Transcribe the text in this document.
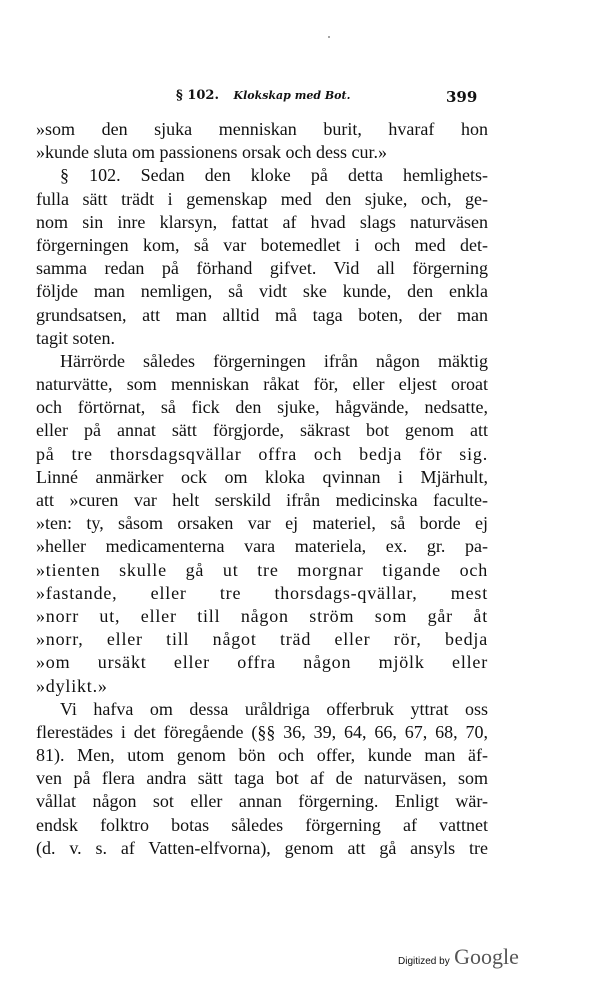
§ 102. Klokskap med Bot.	399
»som den sjuka menniskan burit, hvaraf hon
»kunde sluta om passionens orsak och dess cur.»
§ 102. Sedan den kloke på detta hemlighets-
fulla sätt trädt i gemenskap med den sjuke, och, ge-
nom sin inre klarsyn, fattat af hvad slags naturväsen
förgerningen kom, så var botemedlet i och med det-
samma redan på förhand gifvet. Vid all förgerning
följde man nemligen, så vidt ske kunde, den enkla
grundsatsen, att man alltid må taga boten, der man
tagit soten.
Härrörde således förgerningen ifrån någon mäktig
naturvätte, som menniskan råkat för, eller eljest oroat
och förtörnat, så fick den sjuke, hågvände, nedsatte,
eller på annat sätt förgjorde, säkrast bot genom att
på tre thorsdagsqvällar offra och bedja för sig.
Linné anmärker ock om kloka qvinnan i Mjärhult,
att »curen var helt serskild ifrån medicinska faculte-
»ten: ty, såsom orsaken var ej materiel, så borde ej
»heller medicamenterna vara materiela, ex. gr. pa-
»tienten skulle gå ut tre morgnar tigande och
»fastande, eller tre thorsdags-qvällar, mest
»norr ut, eller till någon ström som går åt
»norr, eller till något träd eller rör, bedja
»om ursäkt eller offra någon mjölk eller
»dylikt.»
Vi hafva om dessa uråldriga offerbruk yttrat oss
flerestädes i det föregående (§§ 36, 39, 64, 66, 67, 68, 70,
81). Men, utom genom bön och offer, kunde man äf-
ven på flera andra sätt taga bot af de naturväsen, som
vållat någon sot eller annan förgerning. Enligt wär-
endsk folktro botas således förgerning af vattnet
(d. v. s. af Vatten-elfvorna), genom att gå ansyls tre
Digitized by Google
